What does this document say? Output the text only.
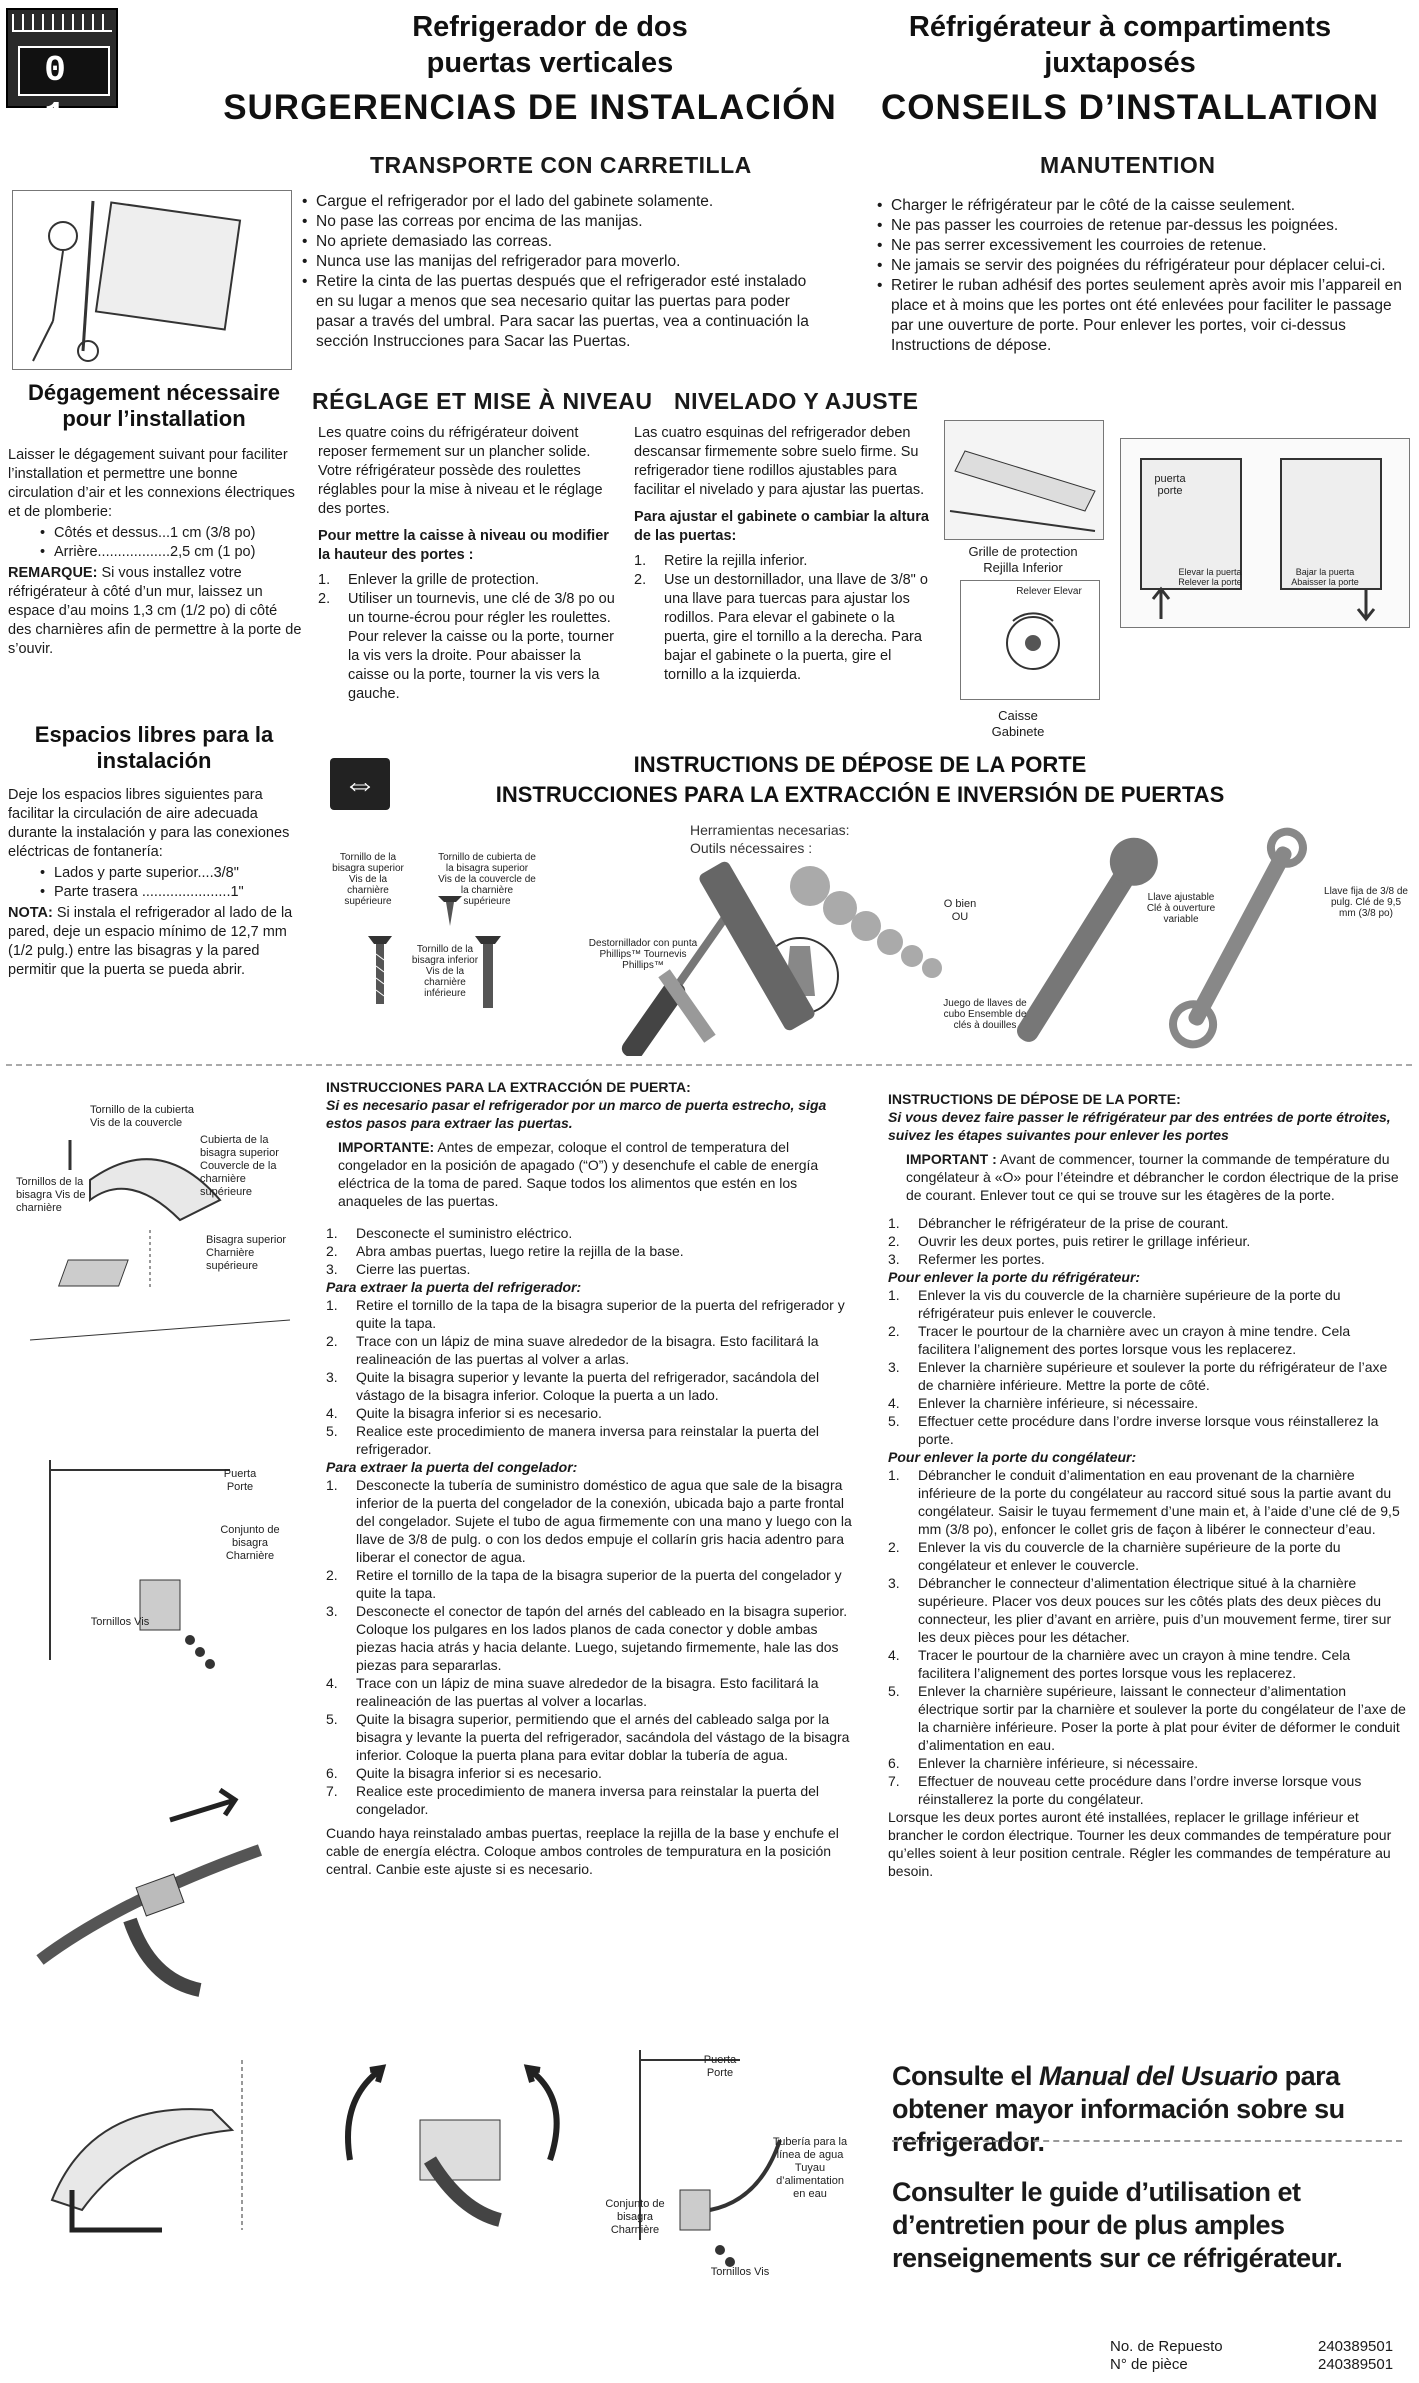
0 1
Refrigerador de dos
puertas verticales
SURGERENCIAS DE INSTALACIÓN
Réfrigérateur à compartiments
juxtaposés
CONSEILS D’INSTALLATION
TRANSPORTE CON CARRETILLA	MANUTENTION
• Cargue el refrigerador por el lado del gabinete solamente.
• No pase las correas por encima de las manijas.
• No apriete demasiado las correas.
• Nunca use las manijas del refrigerador para moverlo.
• Retire la cinta de las puertas después que el refrigerador esté instalado en su lugar a menos que sea necesario quitar las puertas para poder pasar a través del umbral. Para sacar las puertas, vea a continuación la sección Instrucciones para Sacar las Puertas.
• Charger le réfrigérateur par le côté de la caisse seulement.
• Ne pas passer les courroies de retenue par-dessus les poignées.
• Ne pas serrer excessivement les courroies de retenue.
• Ne jamais se servir des poignées du réfrigérateur pour déplacer celui-ci.
• Retirer le ruban adhésif des portes seulement après avoir mis l’appareil en place et à moins que les portes ont été enlevées pour faciliter le passage par une ouverture de porte. Pour enlever les portes, voir ci-dessus Instructions de dépose.
Dégagement nécessaire
pour l’installation
Laisser le dégagement suivant pour faciliter l’installation et permettre une bonne circulation d’air et les connexions électriques et de plomberie:
• Côtés et dessus...1 cm (3/8 po)
• Arrière..................2,5 cm (1 po)
REMARQUE: Si vous installez votre réfrigérateur à côté d’un mur, laissez un espace d’au moins 1,3 cm (1/2 po) di côté des charnières afin de permettre à la porte de s’ouvir.
Espacios libres para la
instalación
Deje los espacios libres siguientes para facilitar la circulación de aire adecuada durante la instalación y para las conexiones eléctricas de fontanería:
• Lados y parte superior....3/8"
• Parte trasera ......................1"
NOTA: Si instala el refrigerador al lado de la pared, deje un espacio mínimo de 12,7 mm (1/2 pulg.) entre las bisagras y la pared permitir que la puerta se pueda abrir.
RÉGLAGE ET MISE À NIVEAU NIVELADO Y AJUSTE
Les quatre coins du réfrigérateur doivent reposer fermement sur un plancher solide. Votre réfrigérateur possède des roulettes réglables pour la mise à niveau et le réglage des portes.
Pour mettre la caisse à niveau ou modifier la hauteur des portes :
1. Enlever la grille de protection.
2. Utiliser un tournevis, une clé de 3/8 po ou un tourne-écrou pour régler les roulettes. Pour relever la caisse ou la porte, tourner la vis vers la droite. Pour abaisser la caisse ou la porte, tourner la vis vers la gauche.
Las cuatro esquinas del refrigerador deben descansar firmemente sobre suelo firme. Su refrigerador tiene rodillos ajustables para facilitar el nivelado y para ajustar las puertas.
Para ajustar el gabinete o cambiar la altura de las puertas:
1. Retire la rejilla inferior.
2. Use un destornillador, una llave de 3/8" o una llave para tuercas para ajustar los rodillos. Para elevar el gabinete o la puerta, gire el tornillo a la derecha. Para bajar el gabinete o la puerta, gire el tornillo a la izquierda.
Grille de protection
Rejilla Inferior
Relever Elevar
Caisse
Gabinete
puerta
porte
Elevar la puerta Relever la porte
Bajar la puerta Abaisser la porte
⇔
INSTRUCTIONS DE DÉPOSE DE LA PORTE
INSTRUCCIONES PARA LA EXTRACCIÓN E INVERSIÓN DE PUERTAS
Herramientas necesarias:
Outils nécessaires :
Tornillo de la bisagra superior Vis de la charnière supérieure
Tornillo de cubierta de la bisagra superior Vis de la couvercle de la charnière supérieure
Tornillo de la bisagra inferior Vis de la charnière inférieure
Destornillador con punta Phillips™ Tournevis Phillips™
Juego de llaves de cubo Ensemble de clés à douilles
O bien OU
Llave ajustable Clé à ouverture variable
Llave fija de 3/8 de pulg. Clé de 9,5 mm (3/8 po)
Tornillo de la cubierta Vis de la couvercle
Cubierta de la bisagra superior Couvercle de la charnière supérieure
Tornillos de la bisagra Vis de charnière
Bisagra superior Charnière supérieure
Puerta Porte
Conjunto de bisagra Charnière
Tornillos Vis
Puerta Porte
Tubería para la línea de agua Tuyau d’alimentation en eau
Conjunto de bisagra Charnière
Tornillos Vis
INSTRUCCIONES PARA LA EXTRACCIÓN DE PUERTA:
Si es necesario pasar el refrigerador por un marco de puerta estrecho, siga estos pasos para extraer las puertas.
IMPORTANTE: Antes de empezar, coloque el control de temperatura del congelador en la posición de apagado (“O”) y desenchufe el cable de energía eléctrica de la toma de pared. Saque todos los alimentos que estén en los anaqueles de las puertas.
1. Desconecte el suministro eléctrico.
2. Abra ambas puertas, luego retire la rejilla de la base.
3. Cierre las puertas.
Para extraer la puerta del refrigerador:
1. Retire el tornillo de la tapa de la bisagra superior de la puerta del refrigerador y quite la tapa.
2. Trace con un lápiz de mina suave alrededor de la bisagra. Esto facilitará la realineación de las puertas al volver a arlas.
3. Quite la bisagra superior y levante la puerta del refrigerador, sacándola del vástago de la bisagra inferior. Coloque la puerta a un lado.
4. Quite la bisagra inferior si es necesario.
5. Realice este procedimiento de manera inversa para reinstalar la puerta del refrigerador.
Para extraer la puerta del congelador:
1. Desconecte la tubería de suministro doméstico de agua que sale de la bisagra inferior de la puerta del congelador de la conexión, ubicada bajo a parte frontal del congelador. Sujete el tubo de agua firmemente con una mano y luego con la llave de 3/8 de pulg. o con los dedos empuje el collarín gris hacia adentro para liberar el conector de agua.
2. Retire el tornillo de la tapa de la bisagra superior de la puerta del congelador y quite la tapa.
3. Desconecte el conector de tapón del arnés del cableado en la bisagra superior. Coloque los pulgares en los lados planos de cada conector y doble ambas piezas hacia atrás y hacia delante. Luego, sujetando firmemente, hale las dos piezas para separarlas.
4. Trace con un lápiz de mina suave alrededor de la bisagra. Esto facilitará la realineación de las puertas al volver a locarlas.
5. Quite la bisagra superior, permitiendo que el arnés del cableado salga por la bisagra y levante la puerta del refrigerador, sacándola del vástago de la bisagra inferior. Coloque la puerta plana para evitar doblar la tubería de agua.
6. Quite la bisagra inferior si es necesario.
7. Realice este procedimiento de manera inversa para reinstalar la puerta del congelador.
Cuando haya reinstalado ambas puertas, reeplace la rejilla de la base y enchufe el cable de energía eléctra. Coloque ambos controles de tempuratura en la posición central. Canbie este ajuste si es necesario.
INSTRUCTIONS DE DÉPOSE DE LA PORTE:
Si vous devez faire passer le réfrigérateur par des entrées de porte étroites, suivez les étapes suivantes pour enlever les portes
IMPORTANT : Avant de commencer, tourner la commande de température du congélateur à «O» pour l’éteindre et débrancher le cordon électrique de la prise de courant. Enlever tout ce qui se trouve sur les étagères de la porte.
1. Débrancher le réfrigérateur de la prise de courant.
2. Ouvrir les deux portes, puis retirer le grillage inférieur.
3. Refermer les portes.
Pour enlever la porte du réfrigérateur:
1. Enlever la vis du couvercle de la charnière supérieure de la porte du réfrigérateur puis enlever le couvercle.
2. Tracer le pourtour de la charnière avec un crayon à mine tendre. Cela facilitera l’alignement des portes lorsque vous les replacerez.
3. Enlever la charnière supérieure et soulever la porte du réfrigérateur de l’axe de charnière inférieure. Mettre la porte de côté.
4. Enlever la charnière inférieure, si nécessaire.
5. Effectuer cette procédure dans l’ordre inverse lorsque vous réinstallerez la porte.
Pour enlever la porte du congélateur:
1. Débrancher le conduit d’alimentation en eau provenant de la charnière inférieure de la porte du congélateur au raccord situé sous la partie avant du congélateur. Saisir le tuyau fermement d’une main et, à l’aide d’une clé de 9,5 mm (3/8 po), enfoncer le collet gris de façon à libérer le connecteur d’eau.
2. Enlever la vis du couvercle de la charnière supérieure de la porte du congélateur et enlever le couvercle.
3. Débrancher le connecteur d’alimentation électrique situé à la charnière supérieure. Placer vos deux pouces sur les côtés plats des deux pièces du connecteur, les plier d’avant en arrière, puis d’un mouvement ferme, tirer sur les deux pièces pour les détacher.
4. Tracer le pourtour de la charnière avec un crayon à mine tendre. Cela facilitera l’alignement des portes lorsque vous les replacerez.
5. Enlever la charnière supérieure, laissant le connecteur d’alimentation électrique sortir par la charnière et soulever la porte du congélateur de l’axe de la charnière inférieure. Poser la porte à plat pour éviter de déformer le conduit d’alimentation en eau.
6. Enlever la charnière inférieure, si nécessaire.
7. Effectuer de nouveau cette procédure dans l’ordre inverse lorsque vous réinstallerez la porte du congélateur.
Lorsque les deux portes auront été installées, replacer le grillage inférieur et brancher le cordon électrique. Tourner les deux commandes de température pour qu’elles soient à leur position centrale. Régler les commandes de température au besoin.
Consulte el Manual del Usuario para obtener mayor información sobre su refrigerador.
Consulter le guide d’utilisation et d’entretien pour de plus amples renseignements sur ce réfrigérateur.
No. de Repuesto
N° de pièce
240389501
240389501
